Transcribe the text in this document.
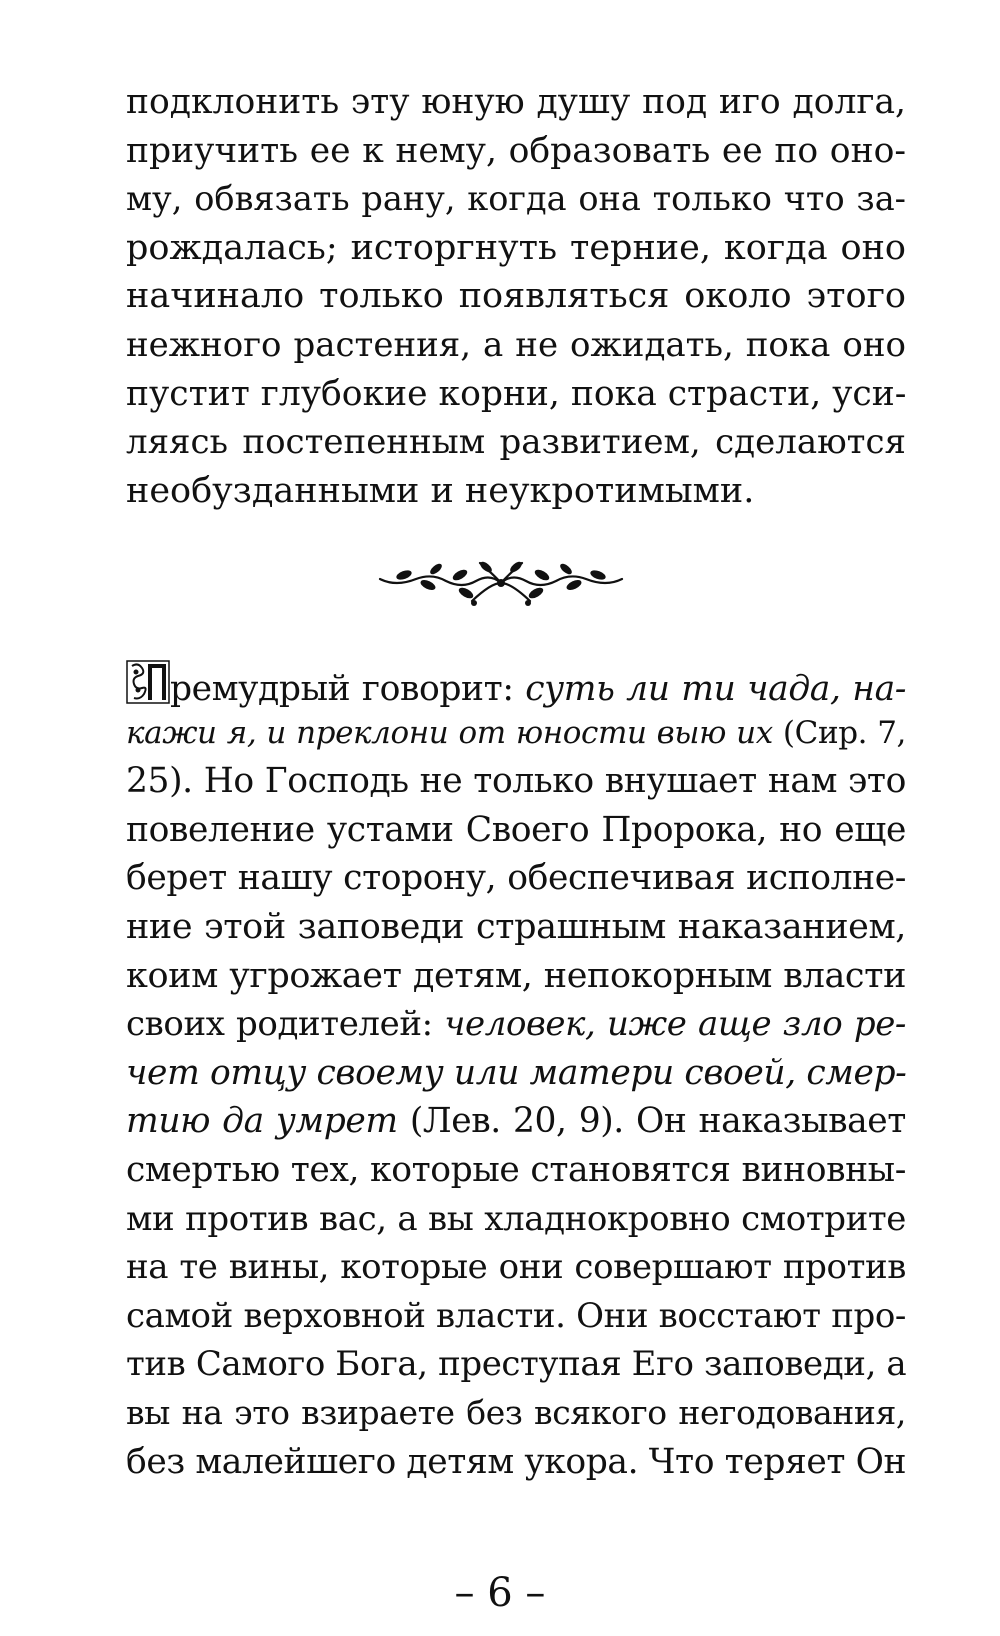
подклонить эту юную душу под иго долга,
приучить ее к нему, образовать ее по оно-
му, обвязать рану, когда она только что за-
рождалась; исторгнуть терние, когда оно
начинало только появляться около этого
нежного растения, а не ожидать, пока оно
пустит глубокие корни, пока страсти, уси-
ляясь постепенным развитием, сделаются
необузданными и неукротимыми.
ремудрый говорит: суть ли ти чада, на-
кажи я, и преклони от юности выю их (Сир. 7,
25). Но Господь не только внушает нам это
повеление устами Своего Пророка, но еще
берет нашу сторону, обеспечивая исполне-
ние этой заповеди страшным наказанием,
коим угрожает детям, непокорным власти
своих родителей: человек, иже аще зло ре-
чет отцу своему или матери своей, смер-
тию да умрет (Лев. 20, 9). Он наказывает
смертью тех, которые становятся виновны-
ми против вас, а вы хладнокровно смотрите
на те вины, которые они совершают против
самой верховной власти. Они восстают про-
тив Самого Бога, преступая Его заповеди, а
вы на это взираете без всякого негодования,
без малейшего детям укора. Что теряет Он
– 6 –
